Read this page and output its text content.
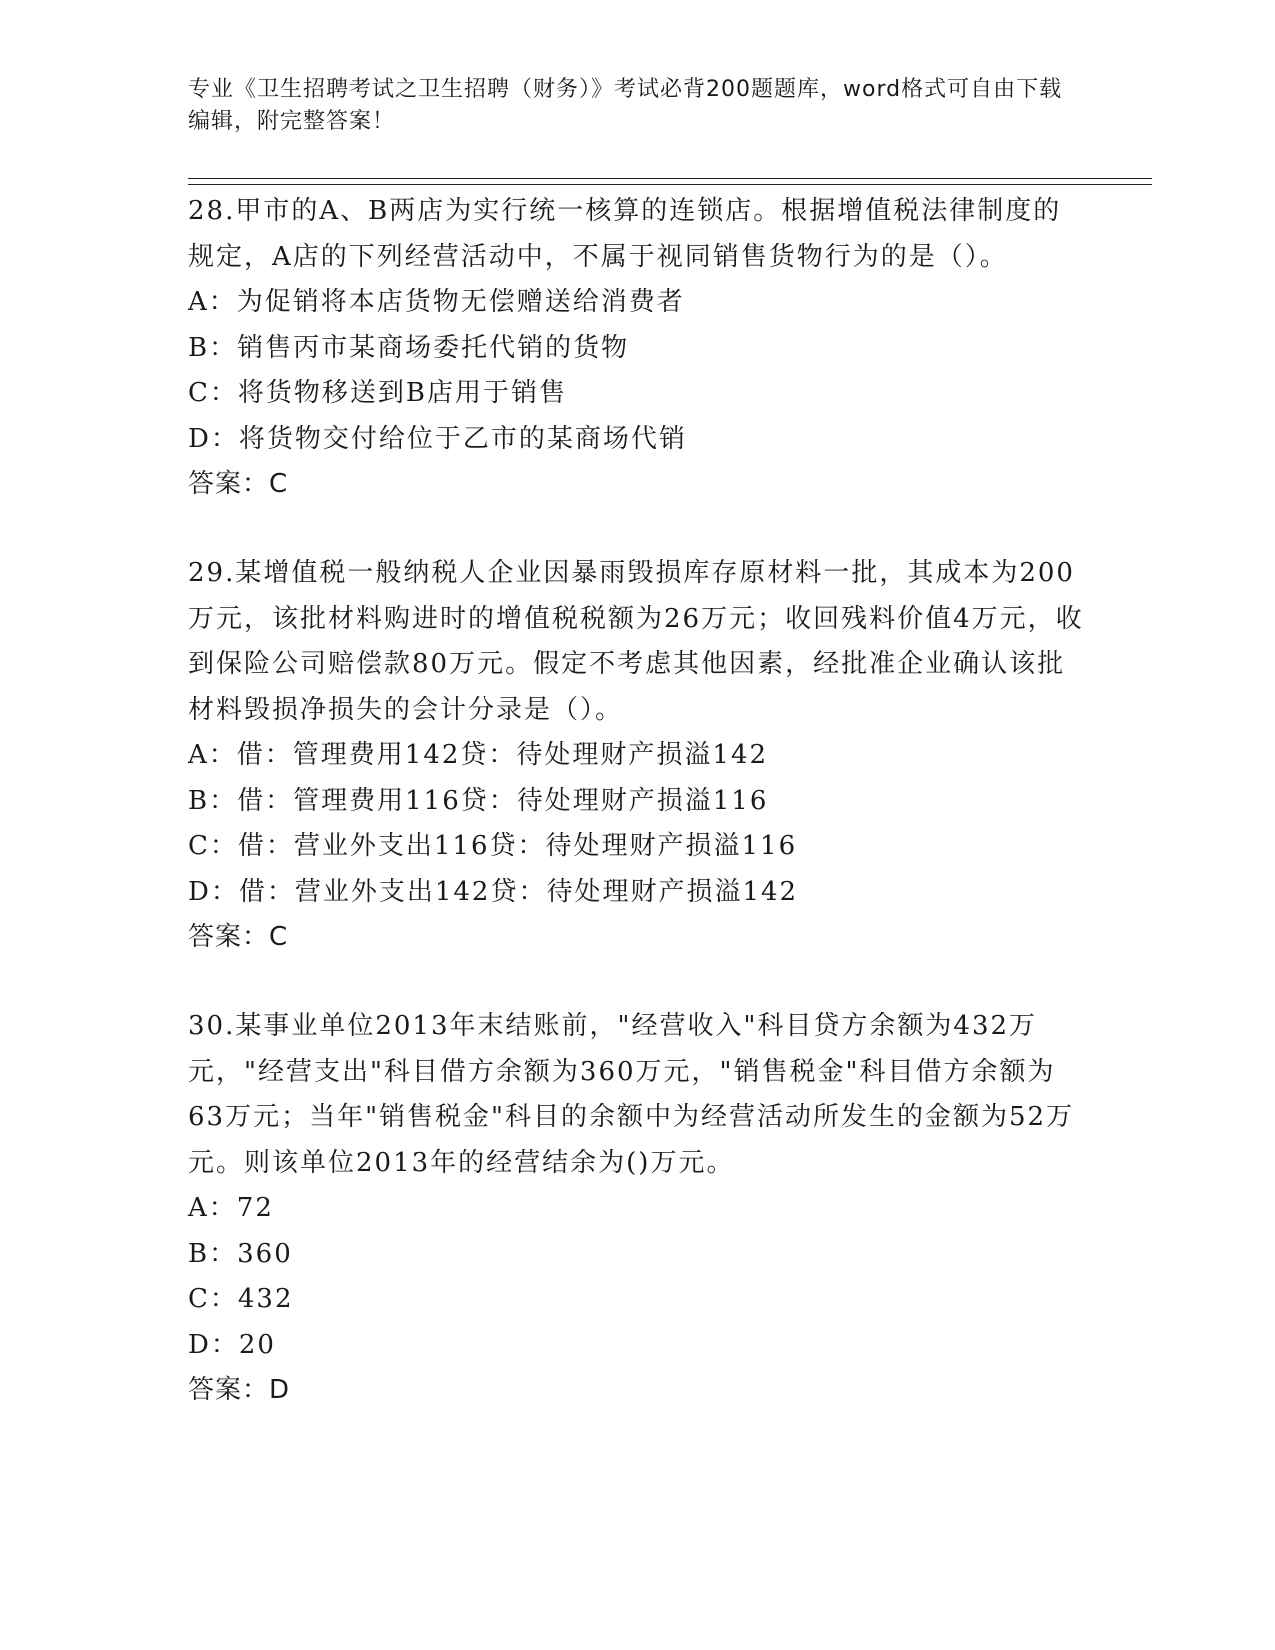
专业《卫生招聘考试之卫生招聘（财务）》考试必背200题题库，word格式可自由下载编辑，附完整答案！

28.甲市的A、B两店为实行统一核算的连锁店。根据增值税法律制度的规定，A店的下列经营活动中，不属于视同销售货物行为的是（）。

A：为促销将本店货物无偿赠送给消费者

B：销售丙市某商场委托代销的货物

C：将货物移送到B店用于销售

D：将货物交付给位于乙市的某商场代销

答案：C

29.某增值税一般纳税人企业因暴雨毁损库存原材料一批，其成本为200万元，该批材料购进时的增值税税额为26万元；收回残料价值4万元，收到保险公司赔偿款80万元。假定不考虑其他因素，经批准企业确认该批材料毁损净损失的会计分录是（）。

A：借：管理费用142贷：待处理财产损溢142

B：借：管理费用116贷：待处理财产损溢116

C：借：营业外支出116贷：待处理财产损溢116

D：借：营业外支出142贷：待处理财产损溢142

答案：C

30.某事业单位2013年末结账前，"经营收入"科目贷方余额为432万元，"经营支出"科目借方余额为360万元，"销售税金"科目借方余额为63万元；当年"销售税金"科目的余额中为经营活动所发生的金额为52万元。则该单位2013年的经营结余为()万元。

A：72

B：360

C：432

D：20

答案：D
